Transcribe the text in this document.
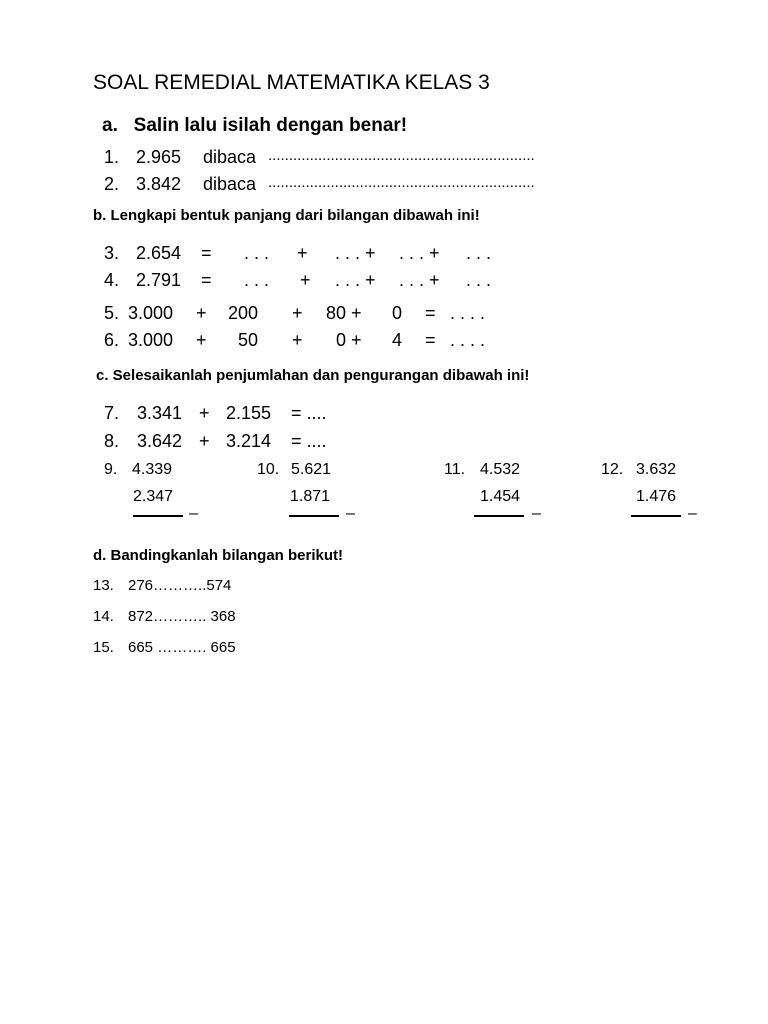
SOAL REMEDIAL MATEMATIKA KELAS 3
a.   Salin lalu isilah dengan benar!
1. 2.965 dibaca ................................................................
2. 3.842 dibaca ................................................................
b. Lengkapi bentuk panjang dari bilangan dibawah ini!
3. 2.654 = . . . + . . . + . . . + . . .
4. 2.791 = . . . + . . . + . . . + . . .
5. 3.000 + 200 + 80 + 0 = . . . .
6. 3.000 + 50 + 0 + 4 = . . . .
c. Selesaikanlah penjumlahan dan pengurangan dibawah ini!
7. 3.341 + 2.155 = ....
8. 3.642 + 3.214 = ....
9. 4.339
2.347
–
10. 5.621
1.871
–
11. 4.532
1.454
–
12. 3.632
1.476
–
d. Bandingkanlah bilangan berikut!
13. 276………..574
14. 872……….. 368
15. 665 ………. 665
